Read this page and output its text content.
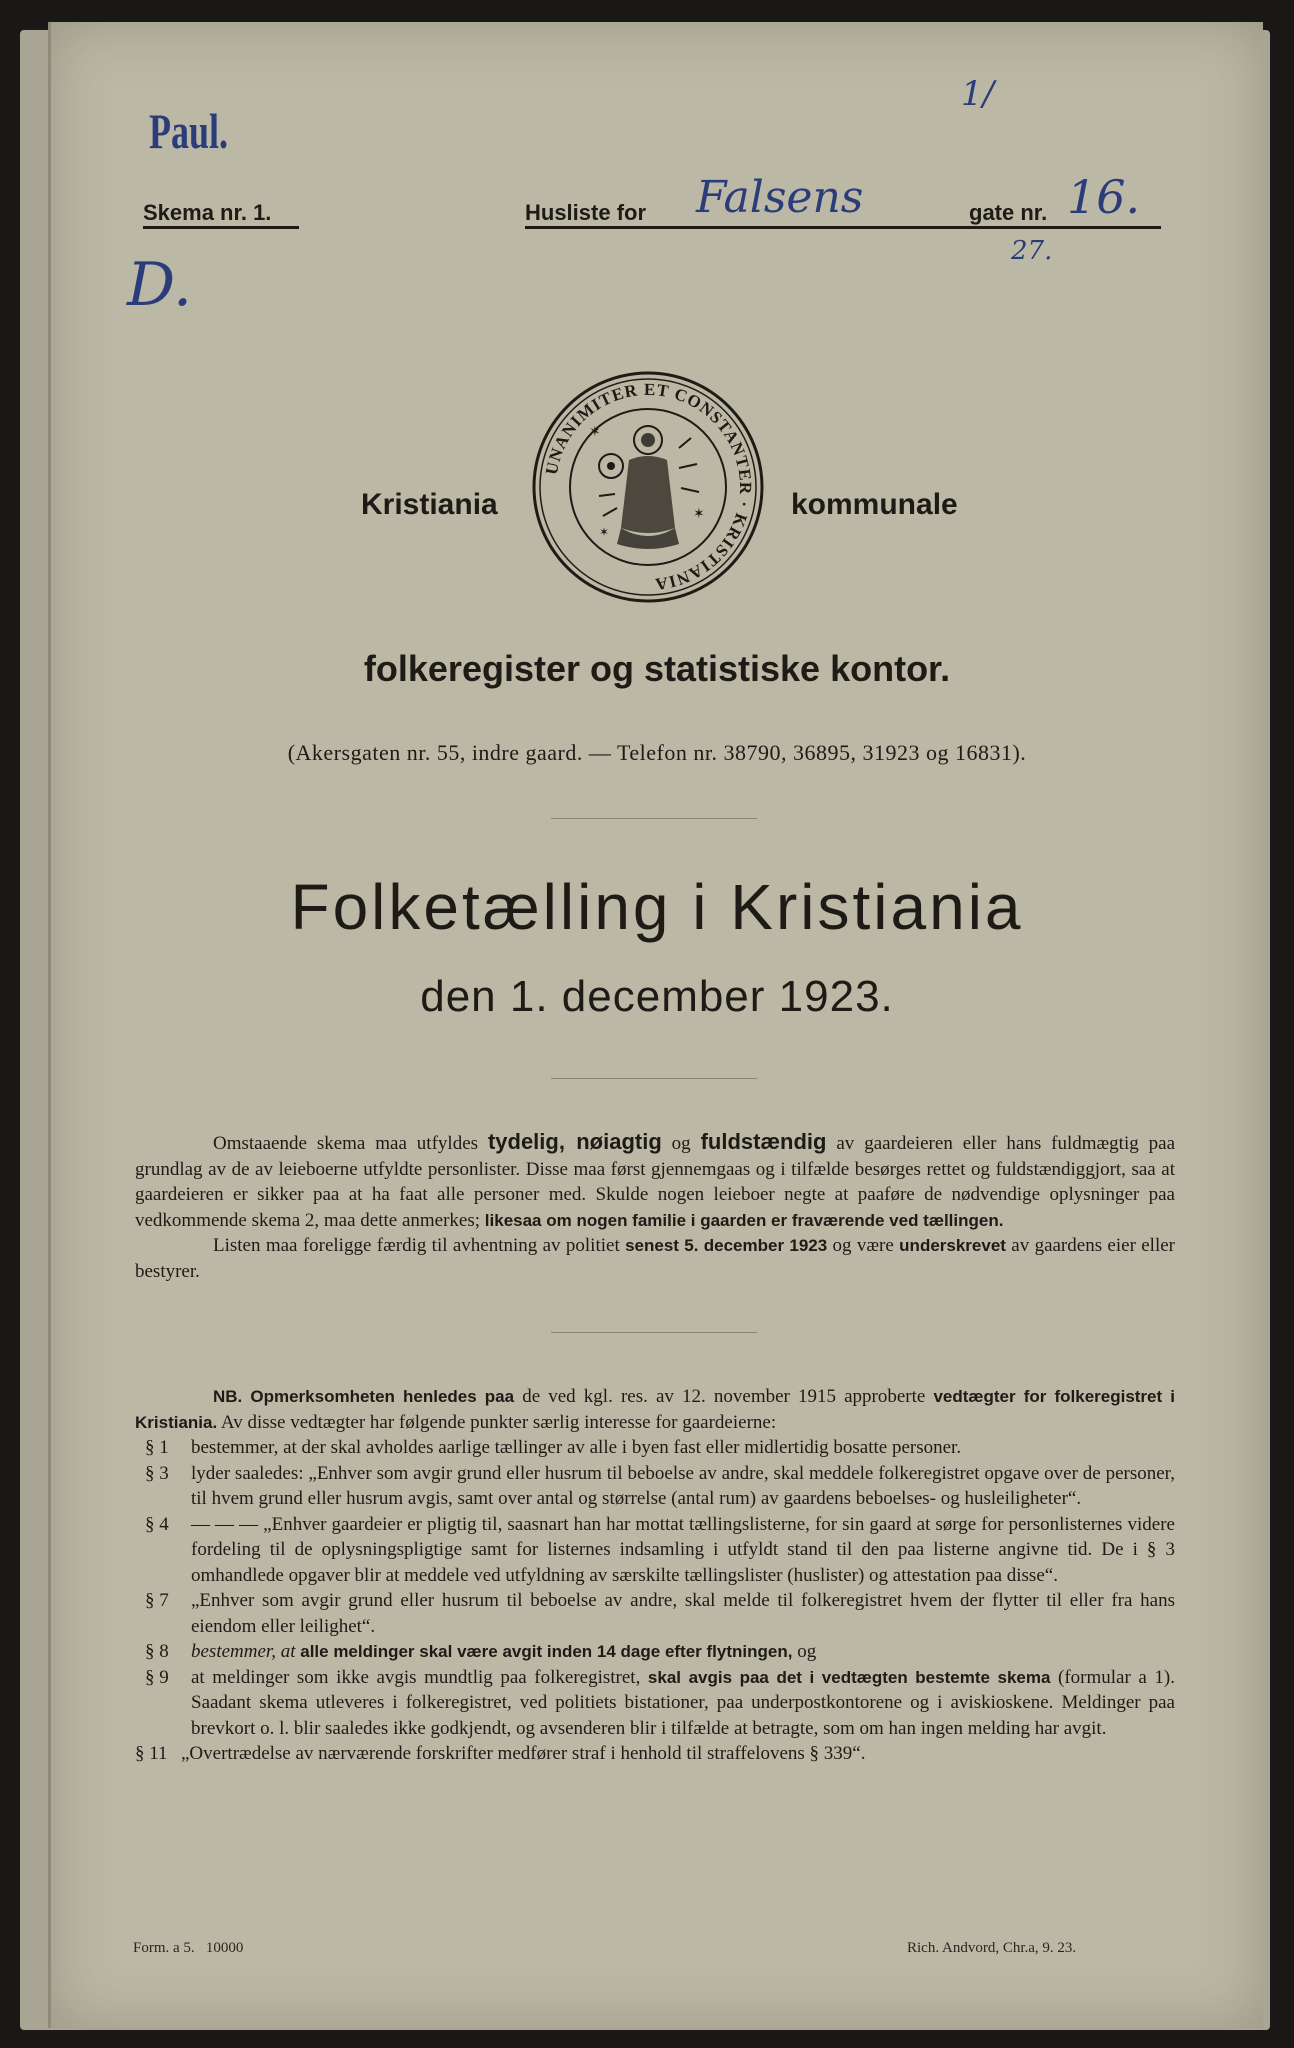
Paul.
1/
Skema nr. 1.	Husliste for Falsens	gate nr. 16.
27.
D.
Kristiania	kommunale
UNANIMITER ET CONSTANTER · KRISTIANIA
✶
✶
✶
folkeregister og statistiske kontor.
(Akersgaten nr. 55, indre gaard. — Telefon nr. 38790, 36895, 31923 og 16831).
Folketælling i Kristiania
den 1. december 1923.

Omstaaende skema maa utfyldes tydelig, nøiagtig og fuldstændig av gaardeieren eller hans fuldmægtig paa grundlag av de av leieboerne utfyldte personlister. Disse maa først gjennemgaas og i tilfælde besørges rettet og fuldstændiggjort, saa at gaardeieren er sikker paa at ha faat alle personer med. Skulde nogen leieboer negte at paaføre de nødvendige oplysninger paa vedkommende skema 2, maa dette anmerkes; likesaa om nogen familie i gaarden er fraværende ved tællingen.

Listen maa foreligge færdig til avhentning av politiet senest 5. december 1923 og være underskrevet av gaardens eier eller bestyrer.

NB. Opmerksomheten henledes paa de ved kgl. res. av 12. november 1915 approberte vedtægter for folkeregistret i Kristiania. Av disse vedtægter har følgende punkter særlig interesse for gaardeierne:

§ 1	bestemmer, at der skal avholdes aarlige tællinger av alle i byen fast eller midlertidig bosatte personer.

§ 3	lyder saaledes: „Enhver som avgir grund eller husrum til beboelse av andre, skal meddele folkeregistret opgave over de personer, til hvem grund eller husrum avgis, samt over antal og størrelse (antal rum) av gaardens beboelses- og husleiligheter“.

§ 4	— — — „Enhver gaardeier er pligtig til, saasnart han har mottat tællingslisterne, for sin gaard at sørge for personlisternes videre fordeling til de oplysningspligtige samt for listernes indsamling i utfyldt stand til den paa listerne angivne tid. De i § 3 omhandlede opgaver blir at meddele ved utfyldning av særskilte tællingslister (huslister) og attestation paa disse“.

§ 7	„Enhver som avgir grund eller husrum til beboelse av andre, skal melde til folkeregistret hvem der flytter til eller fra hans eiendom eller leilighet“.

§ 8	bestemmer, at alle meldinger skal være avgit inden 14 dage efter flytningen, og

§ 9	at meldinger som ikke avgis mundtlig paa folkeregistret, skal avgis paa det i vedtægten bestemte skema (formular a 1). Saadant skema utleveres i folkeregistret, ved politiets bistationer, paa underpostkontorene og i aviskioskene. Meldinger paa brevkort o. l. blir saaledes ikke godkjendt, og avsenderen blir i tilfælde at betragte, som om han ingen melding har avgit.

§ 11 „Overtrædelse av nærværende forskrifter medfører straf i henhold til straffelovens § 339“.

Form. a 5.   10000	Rich. Andvord, Chr.a, 9. 23.
